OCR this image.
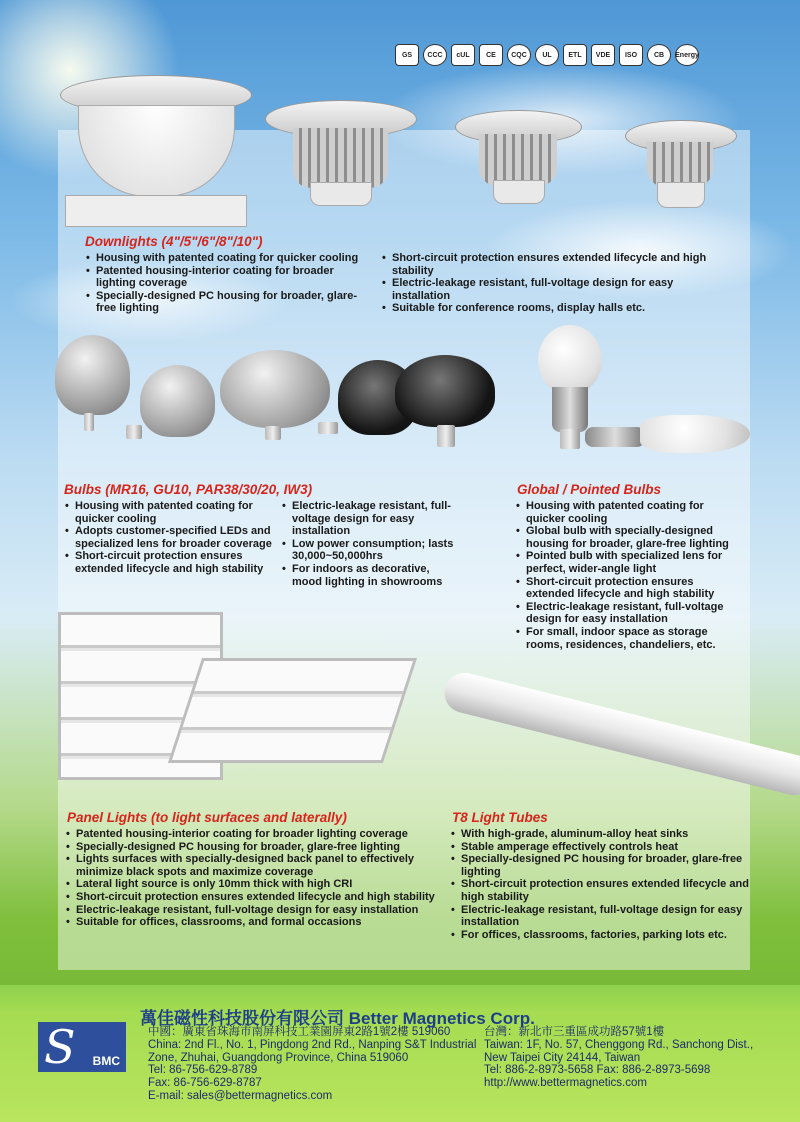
GS	CCC	cUL	CE	CQC	UL	ETL	VDE	ISO	CB	Energy
Downlights (4"/5"/6"/8"/10")
• Housing with patented coating for quicker cooling
• Patented housing-interior coating for broader lighting coverage
• Specially-designed PC housing for broader, glare-free lighting
• Short-circuit protection ensures extended lifecycle and high stability
• Electric-leakage resistant, full-voltage design for easy installation
• Suitable for conference rooms, display halls etc.
Bulbs (MR16, GU10, PAR38/30/20, IW3)
• Housing with patented coating for quicker cooling
• Adopts customer-specified LEDs and specialized lens for broader coverage
• Short-circuit protection ensures extended lifecycle and high stability
• Electric-leakage resistant, full-voltage design for easy installation
• Low power consumption; lasts 30,000~50,000hrs
• For indoors as decorative, mood lighting in showrooms
Global / Pointed Bulbs
• Housing with patented coating for quicker cooling
• Global bulb with specially-designed housing for broader, glare-free lighting
• Pointed bulb with specialized lens for perfect, wider-angle light
• Short-circuit protection ensures extended lifecycle and high stability
• Electric-leakage resistant, full-voltage design for easy installation
• For small, indoor space as storage rooms, residences, chandeliers, etc.
Panel Lights (to light surfaces and laterally)
• Patented housing-interior coating for broader lighting coverage
• Specially-designed PC housing for broader, glare-free lighting
• Lights surfaces with specially-designed back panel to effectively minimize black spots and maximize coverage
• Lateral light source is only 10mm thick with high CRI
• Short-circuit protection ensures extended lifecycle and high stability
• Electric-leakage resistant, full-voltage design for easy installation
• Suitable for offices, classrooms, and formal occasions
T8 Light Tubes
• With high-grade, aluminum-alloy heat sinks
• Stable amperage effectively controls heat
• Specially-designed PC housing for broader, glare-free lighting
• Short-circuit protection ensures extended lifecycle and high stability
• Electric-leakage resistant, full-voltage design for easy installation
• For offices, classrooms, factories, parking lots etc.
S BMC
萬佳磁性科技股份有限公司 Better Magnetics Corp.
中國：廣東省珠海市南屏科技工業園屏東2路1號2樓 519060
China: 2nd Fl., No. 1, Pingdong 2nd Rd., Nanping S&T Industrial
Zone, Zhuhai, Guangdong Province, China 519060
Tel: 86-756-629-8789
Fax: 86-756-629-8787
E-mail: sales@bettermagnetics.com
台灣：新北市三重區成功路57號1樓
Taiwan: 1F, No. 57, Chenggong Rd., Sanchong Dist.,
New Taipei City 24144, Taiwan
Tel: 886-2-8973-5658 Fax: 886-2-8973-5698
http://www.bettermagnetics.com
